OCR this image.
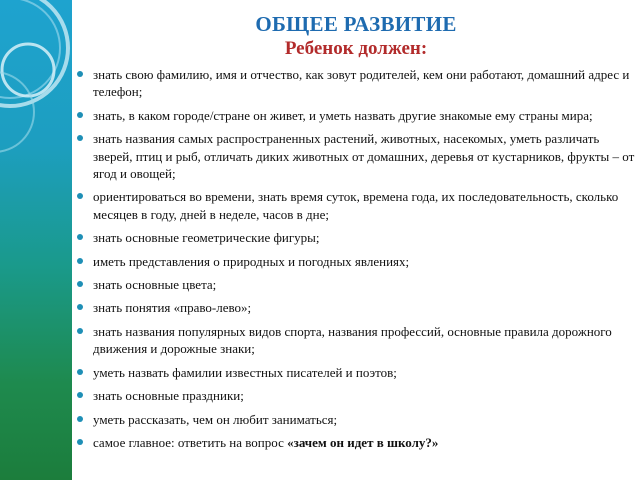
ОБЩЕЕ РАЗВИТИЕ
Ребенок должен:
знать свою фамилию, имя и отчество, как зовут родителей, кем они работают, домашний адрес и телефон;
знать, в каком городе/стране он живет, и уметь назвать другие знакомые ему страны мира;
знать названия самых распространенных растений, животных, насекомых, уметь различать зверей, птиц и рыб, отличать диких животных от домашних, деревья от кустарников, фрукты – от ягод и овощей;
ориентироваться во времени, знать время суток, времена года, их последовательность, сколько месяцев в году, дней в неделе, часов в дне;
знать основные геометрические фигуры;
иметь представления о природных и погодных явлениях;
знать основные цвета;
знать понятия «право-лево»;
знать названия популярных видов спорта, названия профессий, основные правила дорожного движения и дорожные знаки;
уметь назвать фамилии известных писателей и поэтов;
знать основные праздники;
уметь рассказать, чем он любит заниматься;
самое главное: ответить на вопрос «зачем он идет в школу?»
